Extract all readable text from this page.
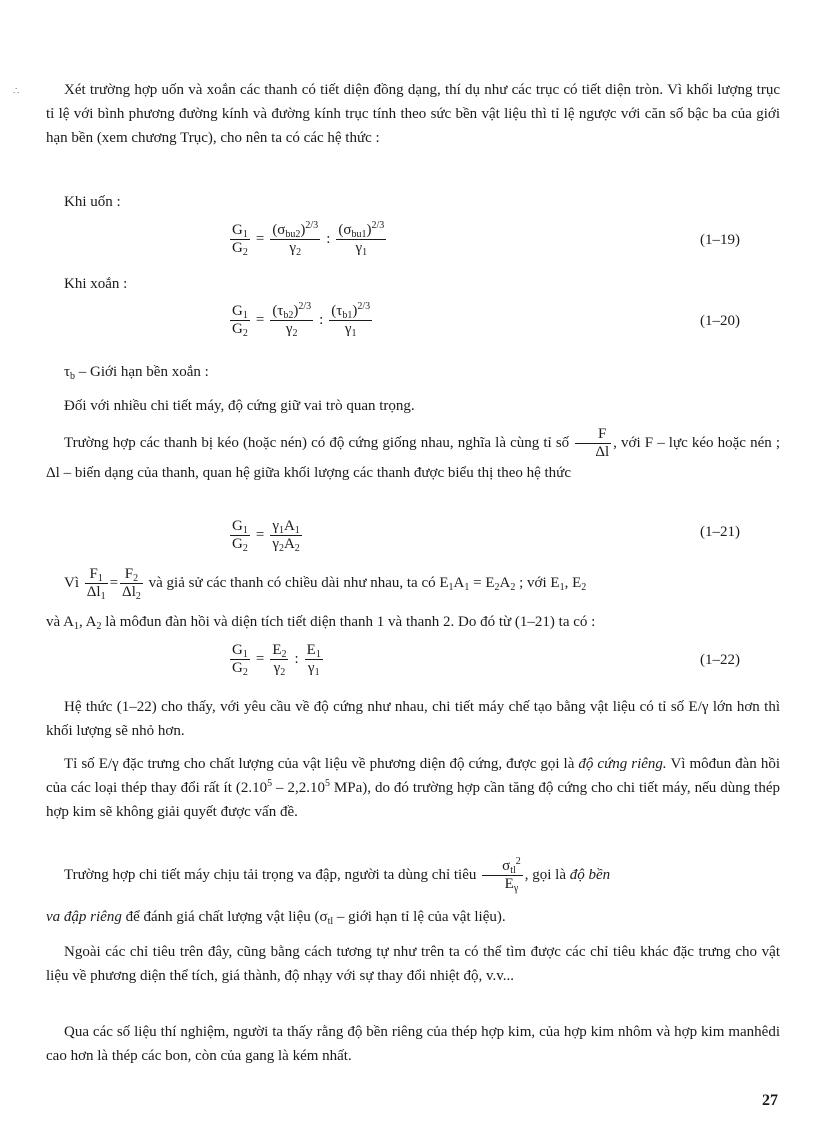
∴	Xét trường hợp uốn và xoắn các thanh có tiết diện đồng dạng, thí dụ như các trục có tiết diện tròn. Vì khối lượng trục tỉ lệ với bình phương đường kính và đường kính trục tính theo sức bền vật liệu thì tỉ lệ ngược với căn số bậc ba của giới hạn bền (xem chương Trục), cho nên ta có các hệ thức :

Khi uốn :

$\frac{G_1}{G_2} = \frac{(\sigma_{bu2})^{2/3}}{\gamma_2}$ : $\frac{(\sigma_{bu1})^{2/3}}{\gamma_1}$	(1–19)

Khi xoắn :

$\frac{G_1}{G_2} = \frac{(\tau_{b2})^{2/3}}{\gamma_2}$ : $\frac{(\tau_{b1})^{2/3}}{\gamma_1}$	(1–20)

$\tau_b$ – Giới hạn bền xoắn :

Đối với nhiều chi tiết máy, độ cứng giữ vai trò quan trọng.

Trường hợp các thanh bị kéo (hoặc nén) có độ cứng giống nhau, nghĩa là cùng tỉ số $\frac{F}{\Delta l}$ , với F – lực kéo hoặc nén ; Δl – biến dạng của thanh, quan hệ giữa khối lượng các thanh được biểu thị theo hệ thức

$\frac{G_1}{G_2} = \frac{\gamma_1A_1}{\gamma_2A_2}$	(1–21)

Vì $\frac{F_1}{\Delta l_1} = \frac{F_2}{\Delta l_2}$ và giả sử các thanh có chiều dài như nhau, ta có $E_1A_1 = E_2A_2$ ; với $E_1$, $E_2$

và $A_1$, $A_2$ là môđun đàn hồi và diện tích tiết diện thanh 1 và thanh 2. Do đó từ (1–21) ta có :

$\frac{G_1}{G_2} = \frac{E_2}{\gamma_2}$ : $\frac{E_1}{\gamma_1}$	(1–22)

Hệ thức (1–22) cho thấy, với yêu cầu về độ cứng như nhau, chi tiết máy chế tạo bằng vật liệu có tỉ số E/γ lớn hơn thì khối lượng sẽ nhỏ hơn.

Tỉ số E/γ đặc trưng cho chất lượng của vật liệu về phương diện độ cứng, được gọi là độ cứng riêng. Vì môđun đàn hồi của các loại thép thay đổi rất ít (2.10$^5$ – 2,2.10$^5$ MPa), do đó trường hợp cần tăng độ cứng cho chi tiết máy, nếu dùng thép hợp kim sẽ không giải quyết được vấn đề.

Trường hợp chi tiết máy chịu tải trọng va đập, người ta dùng chỉ tiêu $\frac{\sigma_{tl}^2}{E_\gamma}$ , gọi là độ bền

va đập riêng để đánh giá chất lượng vật liệu ($\sigma_{tl}$ – giới hạn tỉ lệ của vật liệu).

Ngoài các chỉ tiêu trên đây, cũng bằng cách tương tự như trên ta có thể tìm được các chỉ tiêu khác đặc trưng cho vật liệu về phương diện thể tích, giá thành, độ nhạy với sự thay đổi nhiệt độ, v.v...

Qua các số liệu thí nghiệm, người ta thấy rằng độ bền riêng của thép hợp kim, của hợp kim nhôm và hợp kim manhêdi cao hơn là thép các bon, còn của gang là kém nhất.

27
